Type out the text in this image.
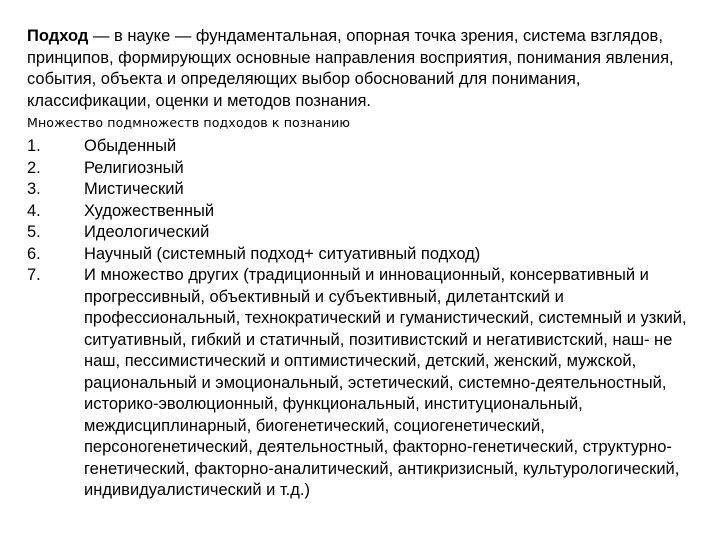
Подход — в науке — фундаментальная, опорная точка зрения, система взглядов, принципов, формирующих основные направления восприятия, понимания явления, события, объекта и определяющих выбор обоснований для понимания, классификации, оценки и методов познания.

Множество подмножеств подходов к познанию
1.	Обыденный
2.	Религиозный
3.	Мистический
4.	Художественный
5.	Идеологический
6.	Научный (системный подход+ ситуативный подход)
7.	И множество других (традиционный и инновационный, консервативный и прогрессивный, объективный и субъективный, дилетантский и профессиональный, технократический и гуманистический, системный и узкий, ситуативный, гибкий и статичный, позитивистский и негативистский, наш- не наш, пессимистический и оптимистический, детский, женский, мужской, рациональный и эмоциональный, эстетический, системно-деятельностный, историко-эволюционный, функциональный, институциональный, междисциплинарный, биогенетический, социогенетический, персоногенетический, деятельностный, факторно-генетический, структурно-генетический, факторно-аналитический, антикризисный, культурологический, индивидуалистический и т.д.)
